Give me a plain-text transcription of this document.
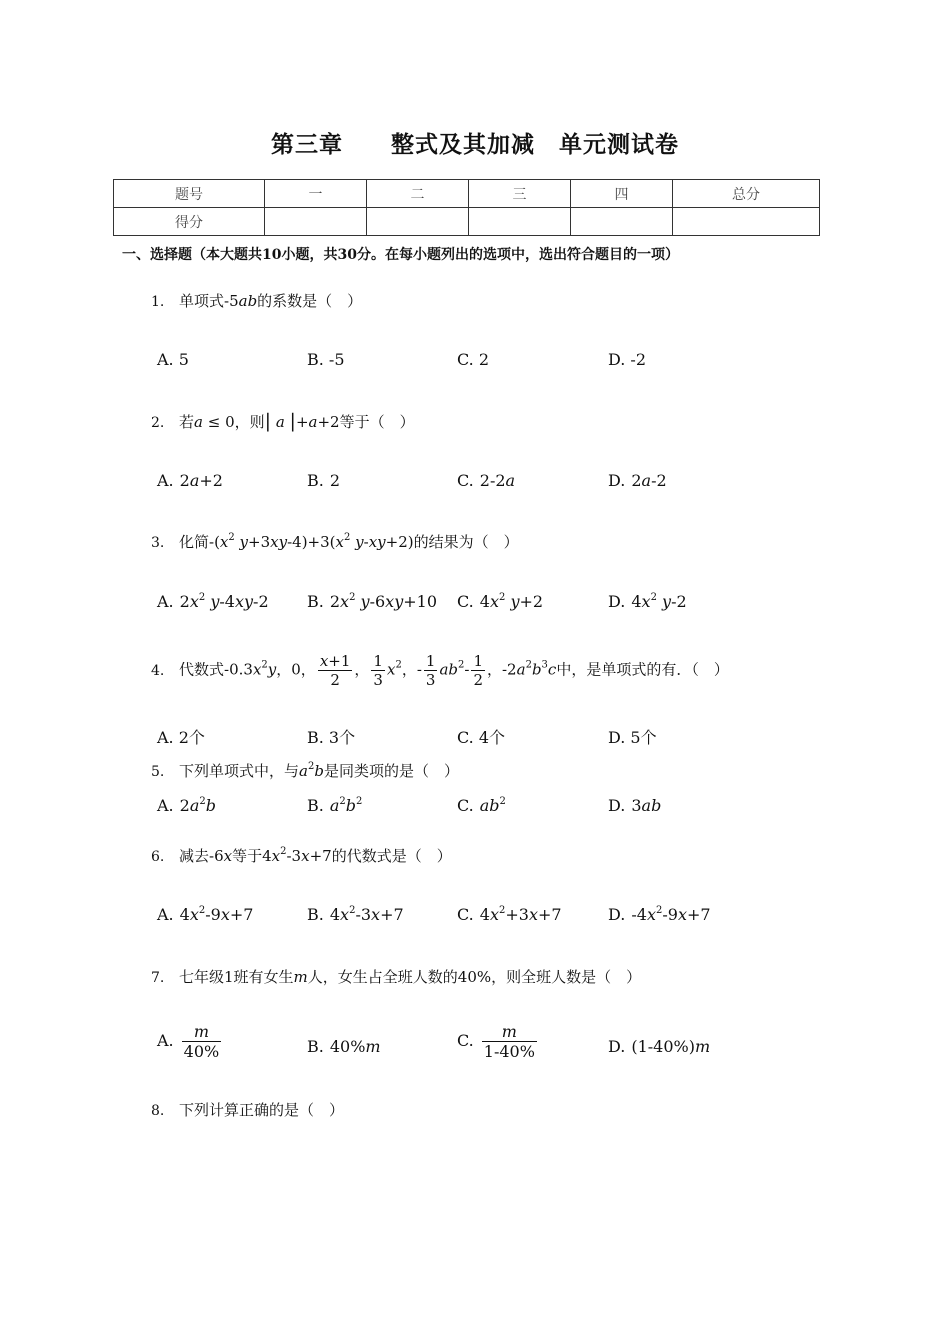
第三章　　整式及其加减　单元测试卷
题号	一	二	三	四	总分
得分					
一、选择题（本大题共10小题，共30分。在每小题列出的选项中，选出符合题目的一项）
1. 单项式-5ab的系数是（　）
A. 5	B. -5	C. 2	D. -2
2. 若a ≤ 0，则| a |+a+2等于（　）
A. 2a+2	B. 2	C. 2-2a	D. 2a-2
3. 化简$-(x^2$ $y+3xy-4)+3(x^2$ y-xy+2)的结果为（　）
A. $2x^2$ y-4xy-2 B. $2x^2$ y-6xy+10 C. $4x^2$ y+2	D. $4x^2$ y-2
4. 代数式$-0.3x^2y$，0， $\frac{x+1}{2}$ ， $\frac{1}{3} x^2$，- $\frac{1}{3} ab^2- \frac{1}{2}$ ，$-2a^2b^3c$中，是单项式的有．（　）
A. 2个	B. 3个	C. 4个	D. 5个
5. 下列单项式中，与$a^2b$是同类项的是（　）
A. $2a^2b$	B. $a^2b^2$	C. $ab^2$	D. 3ab
6. 减去-6x等于$4x^2-3x+7$的代数式是（　）
A. $4x^2-9x+7$	B. $4x^2-3x+7$	C. $4x^2+3x+7$	D. $-4x^2-9x+7$
7. 七年级1班有女生m人，女生占全班人数的40%，则全班人数是（　）
A. $\frac{m}{40\%}$	B. 40%m	C. $\frac{m}{1-40\%}$	D. (1-40%)m
8. 下列计算正确的是（　）
